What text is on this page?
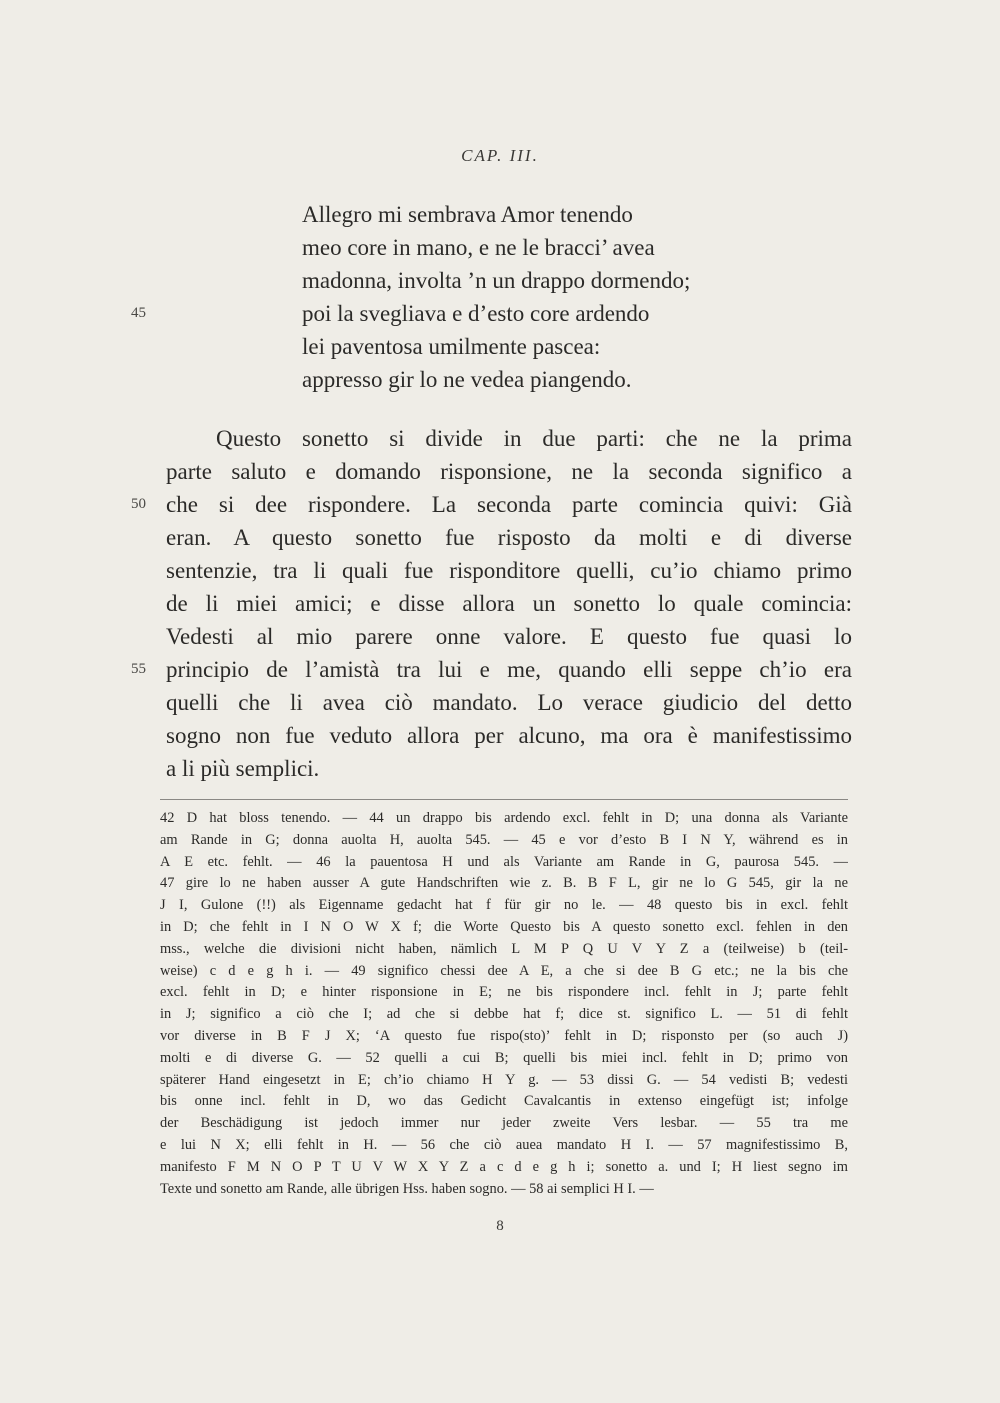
CAP. III.
45
50
55
Allegro mi sembrava Amor tenendo
meo core in mano, e ne le bracci’ avea
madonna, involta ’n un drappo dormendo;
poi la svegliava e d’esto core ardendo
lei paventosa umilmente pascea:
appresso gir lo ne vedea piangendo.
Questo sonetto si divide in due parti: che ne la prima
parte saluto e domando risponsione, ne la seconda significo a
che si dee rispondere. La seconda parte comincia quivi: Già
eran. A questo sonetto fue risposto da molti e di diverse
sentenzie, tra li quali fue risponditore quelli, cu’io chiamo primo
de li miei amici; e disse allora un sonetto lo quale comincia:
Vedesti al mio parere onne valore. E questo fue quasi lo
principio de l’amistà tra lui e me, quando elli seppe ch’io era
quelli che li avea ciò mandato. Lo verace giudicio del detto
sogno non fue veduto allora per alcuno, ma ora è manifestissimo
a li più semplici.
42 D hat bloss tenendo. — 44 un drappo bis ardendo excl. fehlt in D; una donna als Variante
am Rande in G; donna auolta H, auolta 545. — 45 e vor d’esto B I N Y, während es in
A E etc. fehlt. — 46 la pauentosa H und als Variante am Rande in G, paurosa 545. —
47 gire lo ne haben ausser A gute Handschriften wie z. B. B F L, gir ne lo G 545, gir la ne
J I, Gulone (!!) als Eigenname gedacht hat f für gir no le. — 48 questo bis in excl. fehlt
in D; che fehlt in I N O W X f; die Worte Questo bis A questo sonetto excl. fehlen in den
mss., welche die divisioni nicht haben, nämlich L M P Q U V Y Z a (teilweise) b (teil-
weise) c d e g h i. — 49 significo chessi dee A E, a che si dee B G etc.; ne la bis che
excl. fehlt in D; e hinter risponsione in E; ne bis rispondere incl. fehlt in J; parte fehlt
in J; significo a ciò che I; ad che si debbe hat f; dice st. significo L. — 51 di fehlt
vor diverse in B F J X; ‘A questo fue rispo(sto)’ fehlt in D; risponsto per (so auch J)
molti e di diverse G. — 52 quelli a cui B; quelli bis miei incl. fehlt in D; primo von
späterer Hand eingesetzt in E; ch’io chiamo H Y g. — 53 dissi G. — 54 vedisti B; vedesti
bis onne incl. fehlt in D, wo das Gedicht Cavalcantis in extenso eingefügt ist; infolge
der Beschädigung ist jedoch immer nur jeder zweite Vers lesbar. — 55 tra me
e lui N X; elli fehlt in H. — 56 che ciò auea mandato H I. — 57 magnifestissimo B,
manifesto F M N O P T U V W X Y Z a c d e g h i; sonetto a. und I; H liest segno im
Texte und sonetto am Rande, alle übrigen Hss. haben sogno. — 58 ai semplici H I. —
8
